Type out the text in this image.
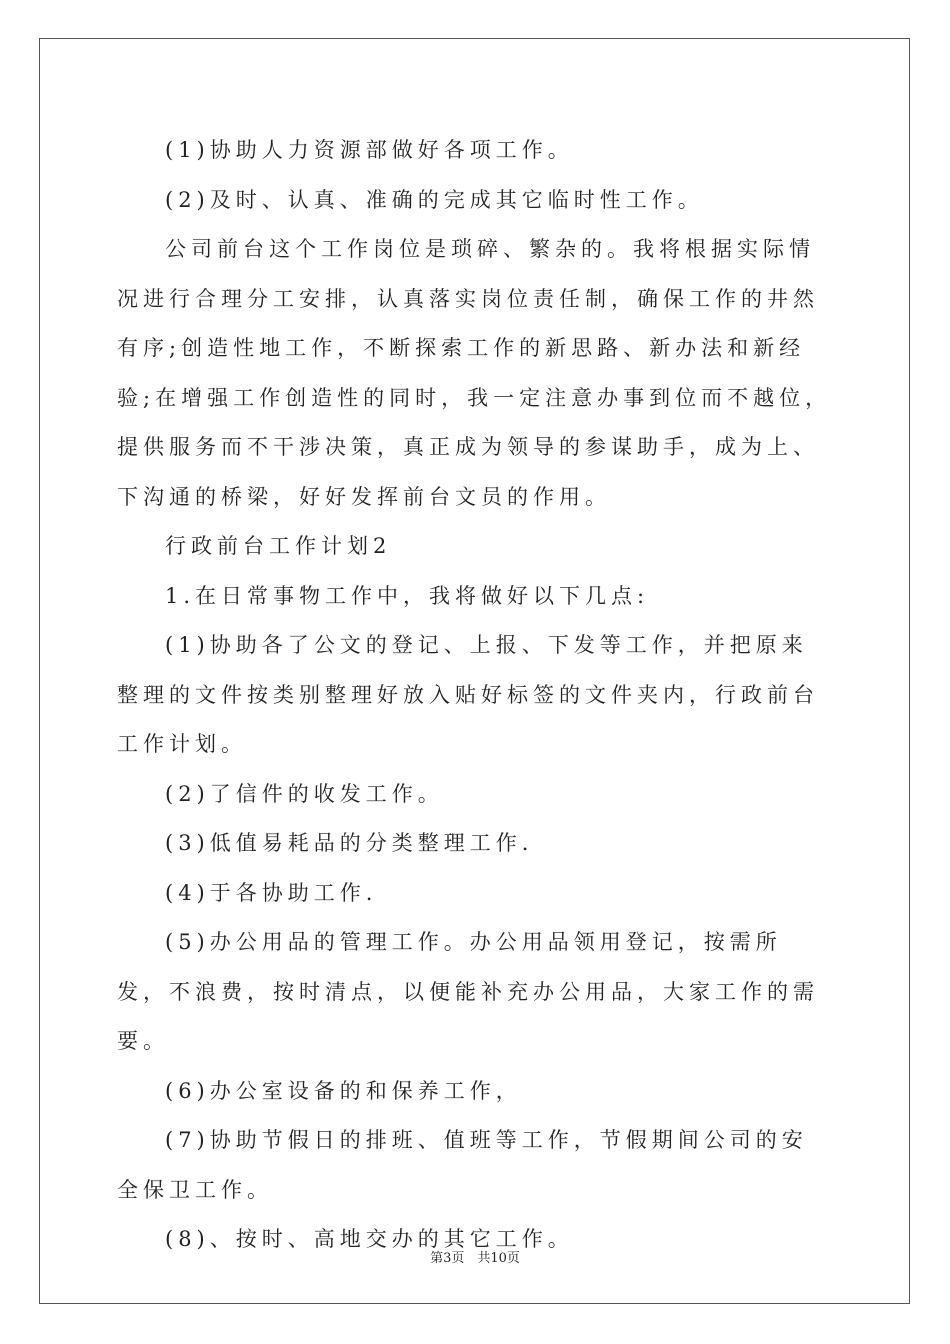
(1)协助人力资源部做好各项工作。

(2)及时、认真、准确的完成其它临时性工作。

公司前台这个工作岗位是琐碎、繁杂的。我将根据实际情况进行合理分工安排，认真落实岗位责任制，确保工作的井然有序;创造性地工作，不断探索工作的新思路、新办法和新经验;在增强工作创造性的同时，我一定注意办事到位而不越位，提供服务而不干涉决策，真正成为领导的参谋助手，成为上、下沟通的桥梁，好好发挥前台文员的作用。

行政前台工作计划2

1.在日常事物工作中，我将做好以下几点:

(1)协助各了公文的登记、上报、下发等工作，并把原来整理的文件按类别整理好放入贴好标签的文件夹内，行政前台工作计划。

(2)了信件的收发工作。

(3)低值易耗品的分类整理工作.

(4)于各协助工作.

(5)办公用品的管理工作。办公用品领用登记，按需所发，不浪费，按时清点，以便能补充办公用品，大家工作的需要。

(6)办公室设备的和保养工作，

(7)协助节假日的排班、值班等工作，节假期间公司的安全保卫工作。

(8)、按时、高地交办的其它工作。

第3页　共10页
